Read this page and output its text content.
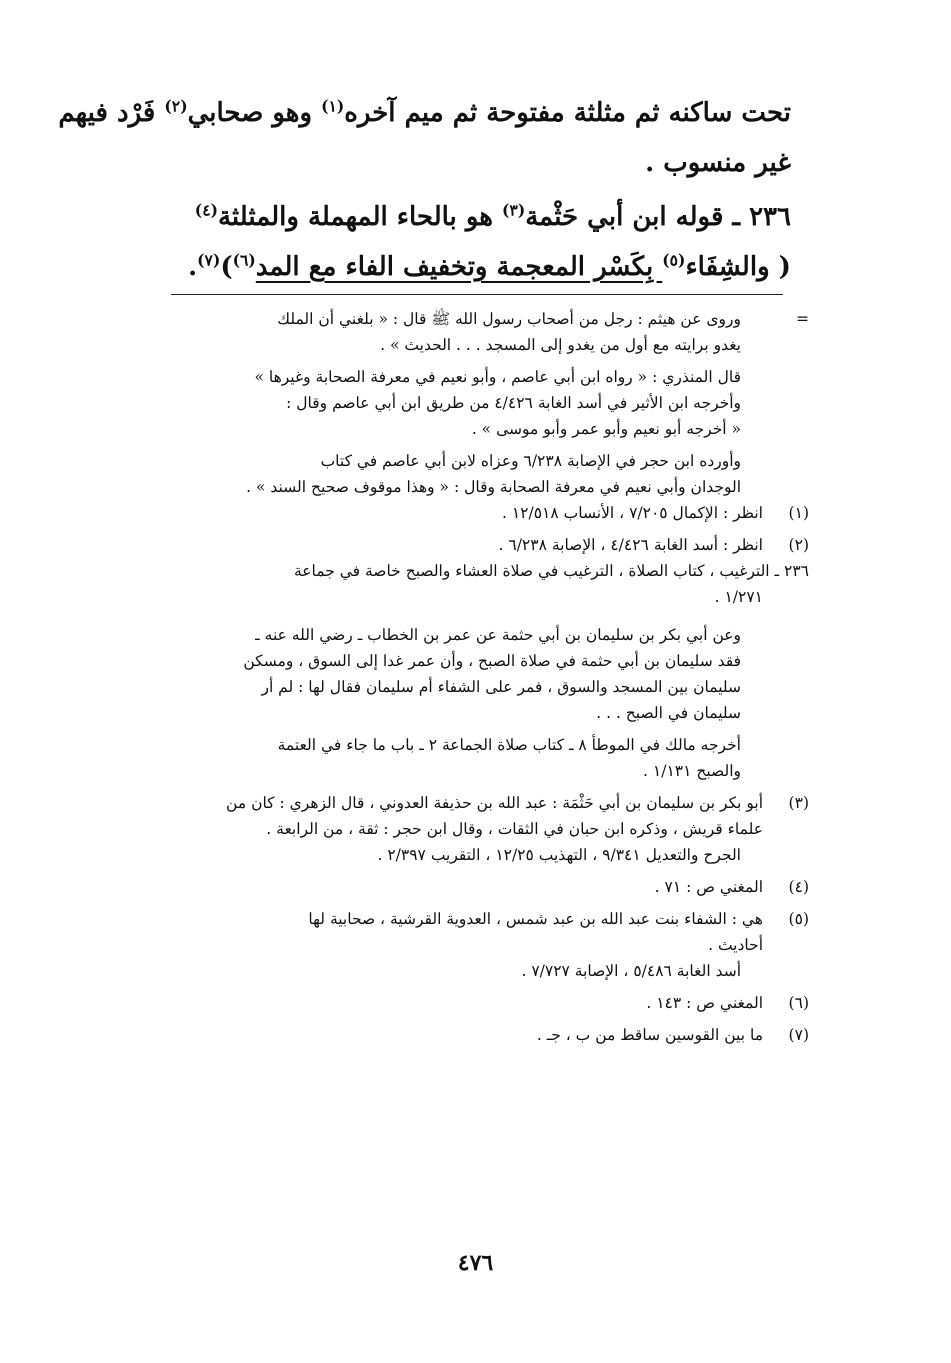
تحت ساكنه ثم مثلثة مفتوحة ثم ميم آخره$^{(١)}$ وهو صحابي$^{(٢)}$ فَرْد فيهم
غير منسوب .
٢٣٦ ـ قوله ابن أبي حَثْمة$^{(٣)}$ هو بالحاء المهملة والمثلثة$^{(٤)}$
( والشِفَاء$^{(٥)}$ بِكَسْر المعجمة وتخفيف الفاء مع المد$^{(٦)}$)$^{(٧)}$.
=
وروى عن هيثم : رجل من أصحاب رسول الله ﷺ قال : « بلغني أن الملك
يغدو برايته مع أول من يغدو إلى المسجد . . . الحديث » .
قال المنذري : « رواه ابن أبي عاصم ، وأبو نعيم في معرفة الصحابة وغيرها »
وأخرجه ابن الأثير في أسد الغابة ٤/٤٢٦ من طريق ابن أبي عاصم وقال :
« أخرجه أبو نعيم وأبو عمر وأبو موسى » .
وأورده ابن حجر في الإصابة ٦/٢٣٨ وعزاه لابن أبي عاصم في كتاب
الوجدان وأبي نعيم في معرفة الصحابة وقال : « وهذا موقوف صحيح السند » .
(١)
انظر : الإكمال ٧/٢٠٥ ، الأنساب ١٢/٥١٨ .
(٢)
انظر : أسد الغابة ٤/٤٢٦ ، الإصابة ٦/٢٣٨ .
٢٣٦ ـ الترغيب ، كتاب الصلاة ، الترغيب في صلاة العشاء والصبح خاصة في جماعة
١/٢٧١ .
وعن أبي بكر بن سليمان بن أبي حثمة عن عمر بن الخطاب ـ رضي الله عنه ـ
فقد سليمان بن أبي حثمة في صلاة الصبح ، وأن عمر غدا إلى السوق ، ومسكن
سليمان بين المسجد والسوق ، فمر على الشفاء أم سليمان فقال لها : لم أر
سليمان في الصبح . . .
أخرجه مالك في الموطأ ٨ ـ كتاب صلاة الجماعة ٢ ـ باب ما جاء في العتمة
والصبح ١/١٣١ .
(٣)
أبو بكر بن سليمان بن أبي حَثْمَة : عبد الله بن حذيفة العدوني ، قال الزهري : كان من
علماء قريش ، وذكره ابن حبان في الثقات ، وقال ابن حجر : ثقة ، من الرابعة .
الجرح والتعديل ٩/٣٤١ ، التهذيب ١٢/٢٥ ، التقريب ٢/٣٩٧ .
(٤)
المغني ص : ٧١ .
(٥)
هي : الشفاء بنت عبد الله بن عبد شمس ، العدوية القرشية ، صحابية لها
أحاديث .
أسد الغابة ٥/٤٨٦ ، الإصابة ٧/٧٢٧ .
(٦)
المغني ص : ١٤٣ .
(٧)
ما بين القوسين ساقط من ب ، جـ .
٤٧٦
